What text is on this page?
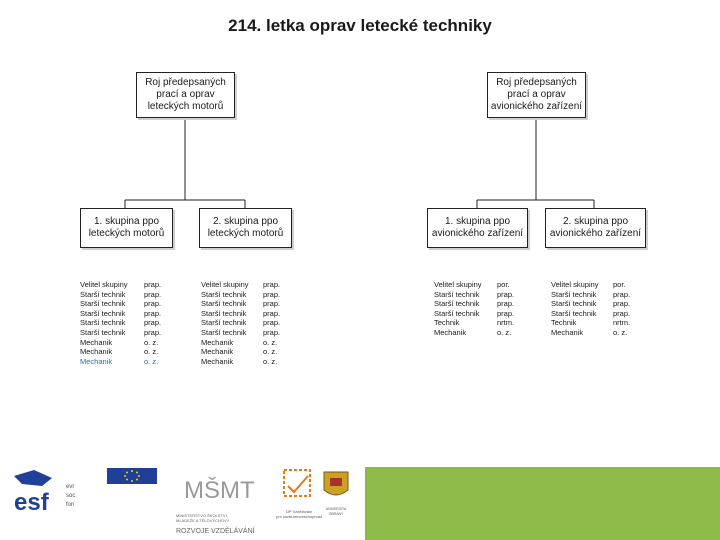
214. letka oprav letecké techniky
Roj předepsaných
prací a oprav
leteckých motorů
Roj předepsaných
prací a oprav
avionického zařízení
1. skupina ppo
leteckých motorů
2. skupina ppo
leteckých motorů
1. skupina ppo
avionického zařízení
2. skupina ppo
avionického zařízení
Velitel skupiny
Starší technik
Starší technik
Starší technik
Starší technik
Starší technik
Mechanik
Mechanik
Mechanik
prap.
prap.
prap.
prap.
prap.
prap.
o. z.
o. z.
o. z.
Velitel skupiny
Starší technik
Starší technik
Starší technik
Starší technik
Starší technik
Mechanik
Mechanik
Mechanik
prap.
prap.
prap.
prap.
prap.
prap.
o. z.
o. z.
o. z.
Velitel skupiny
Starší technik
Starší technik
Starší technik
Technik
Mechanik
por.
prap.
prap.
prap.
nrtm.
o. z.
Velitel skupiny
Starší technik
Starší technik
Starší technik
Technik
Mechanik
por.
prap.
prap.
prap.
nrtm.
o. z.
esf
evr
soc
fon
MŠMT
MINISTERSTVO ŠKOLSTVÍ,
MLÁDEŽE A TĚLOVÝCHOVY
ROZVOJE VZDĚLÁVÁNÍ
OP Vzdělávání
pro konkurenceschopnost
UNIVERZITA
OBRANY
